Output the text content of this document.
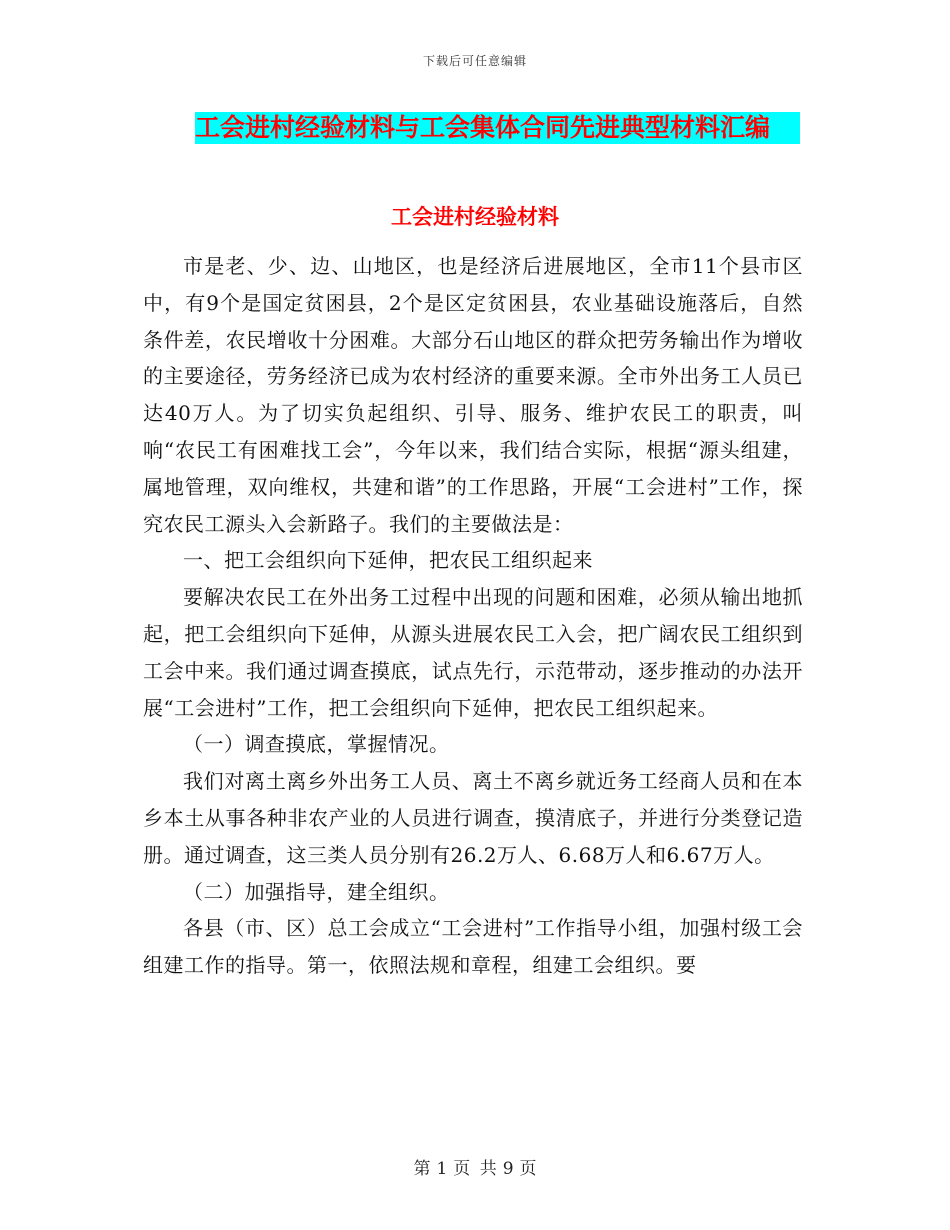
下载后可任意编辑
工会进村经验材料与工会集体合同先进典型材料汇编
工会进村经验材料

市是老、少、边、山地区，也是经济后进展地区，全市11个县市区中，有9个是国定贫困县，2个是区定贫困县，农业基础设施落后，自然条件差，农民增收十分困难。大部分石山地区的群众把劳务输出作为增收的主要途径，劳务经济已成为农村经济的重要来源。全市外出务工人员已达40万人。为了切实负起组织、引导、服务、维护农民工的职责，叫响“农民工有困难找工会”，今年以来，我们结合实际，根据“源头组建，属地管理，双向维权，共建和谐”的工作思路，开展“工会进村”工作，探究农民工源头入会新路子。我们的主要做法是：

一、把工会组织向下延伸，把农民工组织起来

要解决农民工在外出务工过程中出现的问题和困难，必须从输出地抓起，把工会组织向下延伸，从源头进展农民工入会，把广阔农民工组织到工会中来。我们通过调查摸底，试点先行，示范带动，逐步推动的办法开展“工会进村”工作，把工会组织向下延伸，把农民工组织起来。

（一）调查摸底，掌握情况。

我们对离土离乡外出务工人员、离土不离乡就近务工经商人员和在本乡本土从事各种非农产业的人员进行调查，摸清底子，并进行分类登记造册。通过调查，这三类人员分别有26.2万人、6.68万人和6.67万人。

（二）加强指导，建全组织。

各县（市、区）总工会成立“工会进村”工作指导小组，加强村级工会组建工作的指导。第一，依照法规和章程，组建工会组织。要

第 1 页 共 9 页
